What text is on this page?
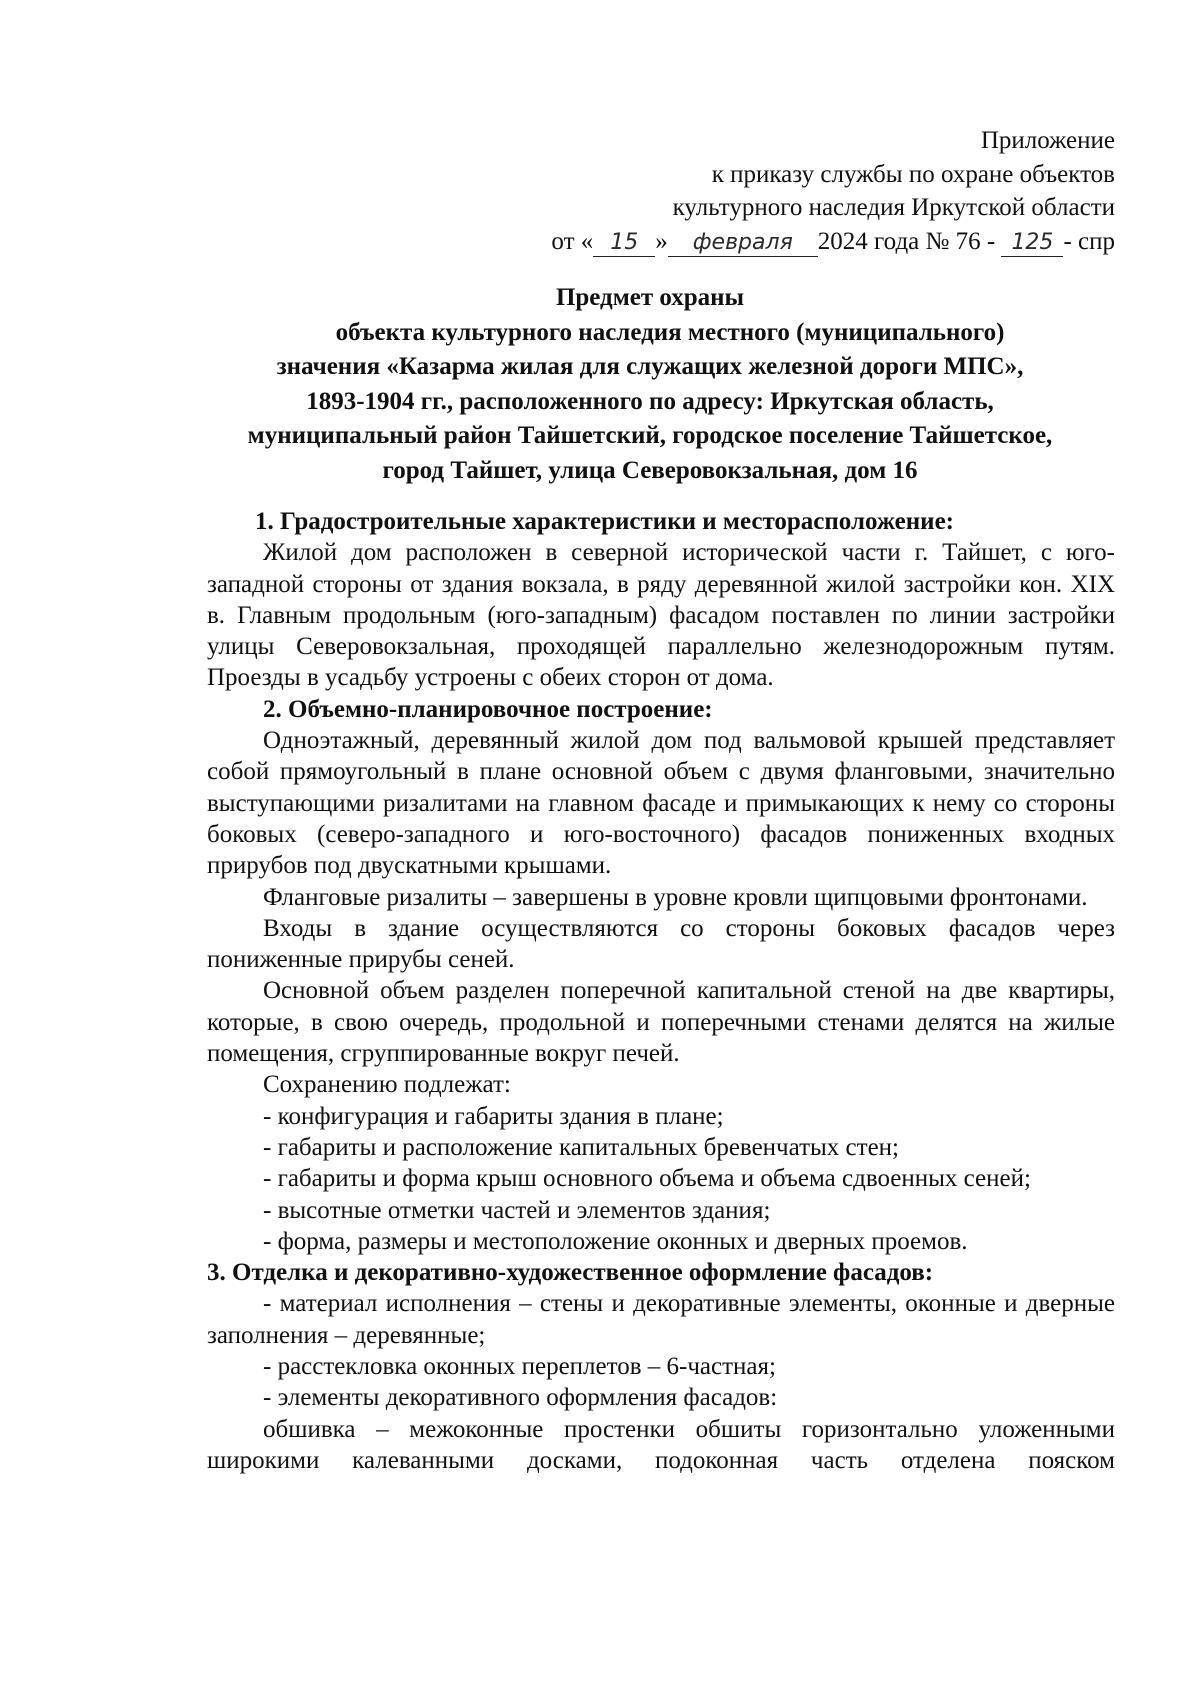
Приложение
к приказу службы по охране объектов
культурного наследия Иркутской области
от « 15 » февраля 2024 года № 76 - 125 - спр
Предмет охраны
объекта культурного наследия местного (муниципального)
значения «Казарма жилая для служащих железной дороги МПС»,
1893-1904 гг., расположенного по адресу: Иркутская область,
муниципальный район Тайшетский, городское поселение Тайшетское,
город Тайшет, улица Северовокзальная, дом 16

1. Градостроительные характеристики и месторасположение:

Жилой дом расположен в северной исторической части г. Тайшет, с юго-западной стороны от здания вокзала, в ряду деревянной жилой застройки кон. XIX в. Главным продольным (юго-западным) фасадом поставлен по линии застройки улицы Северовокзальная, проходящей параллельно железнодорожным путям. Проезды в усадьбу устроены с обеих сторон от дома.

2. Объемно-планировочное построение:

Одноэтажный, деревянный жилой дом под вальмовой крышей представляет собой прямоугольный в плане основной объем с двумя фланговыми, значительно выступающими ризалитами на главном фасаде и примыкающих к нему со стороны боковых (северо-западного и юго-восточного) фасадов пониженных входных прирубов под двускатными крышами.

Фланговые ризалиты – завершены в уровне кровли щипцовыми фронтонами.

Входы в здание осуществляются со стороны боковых фасадов через пониженные прирубы сеней.

Основной объем разделен поперечной капитальной стеной на две квартиры, которые, в свою очередь, продольной и поперечными стенами делятся на жилые помещения, сгруппированные вокруг печей.

Сохранению подлежат:

- конфигурация и габариты здания в плане;

- габариты и расположение капитальных бревенчатых стен;

- габариты и форма крыш основного объема и объема сдвоенных сеней;

- высотные отметки частей и элементов здания;

- форма, размеры и местоположение оконных и дверных проемов.

3. Отделка и декоративно-художественное оформление фасадов:

- материал исполнения – стены и декоративные элементы, оконные и дверные заполнения – деревянные;

- расстекловка оконных переплетов – 6-частная;

- элементы декоративного оформления фасадов:

обшивка – межоконные простенки обшиты горизонтально уложенными широкими калеванными досками, подоконная часть отделена пояском
